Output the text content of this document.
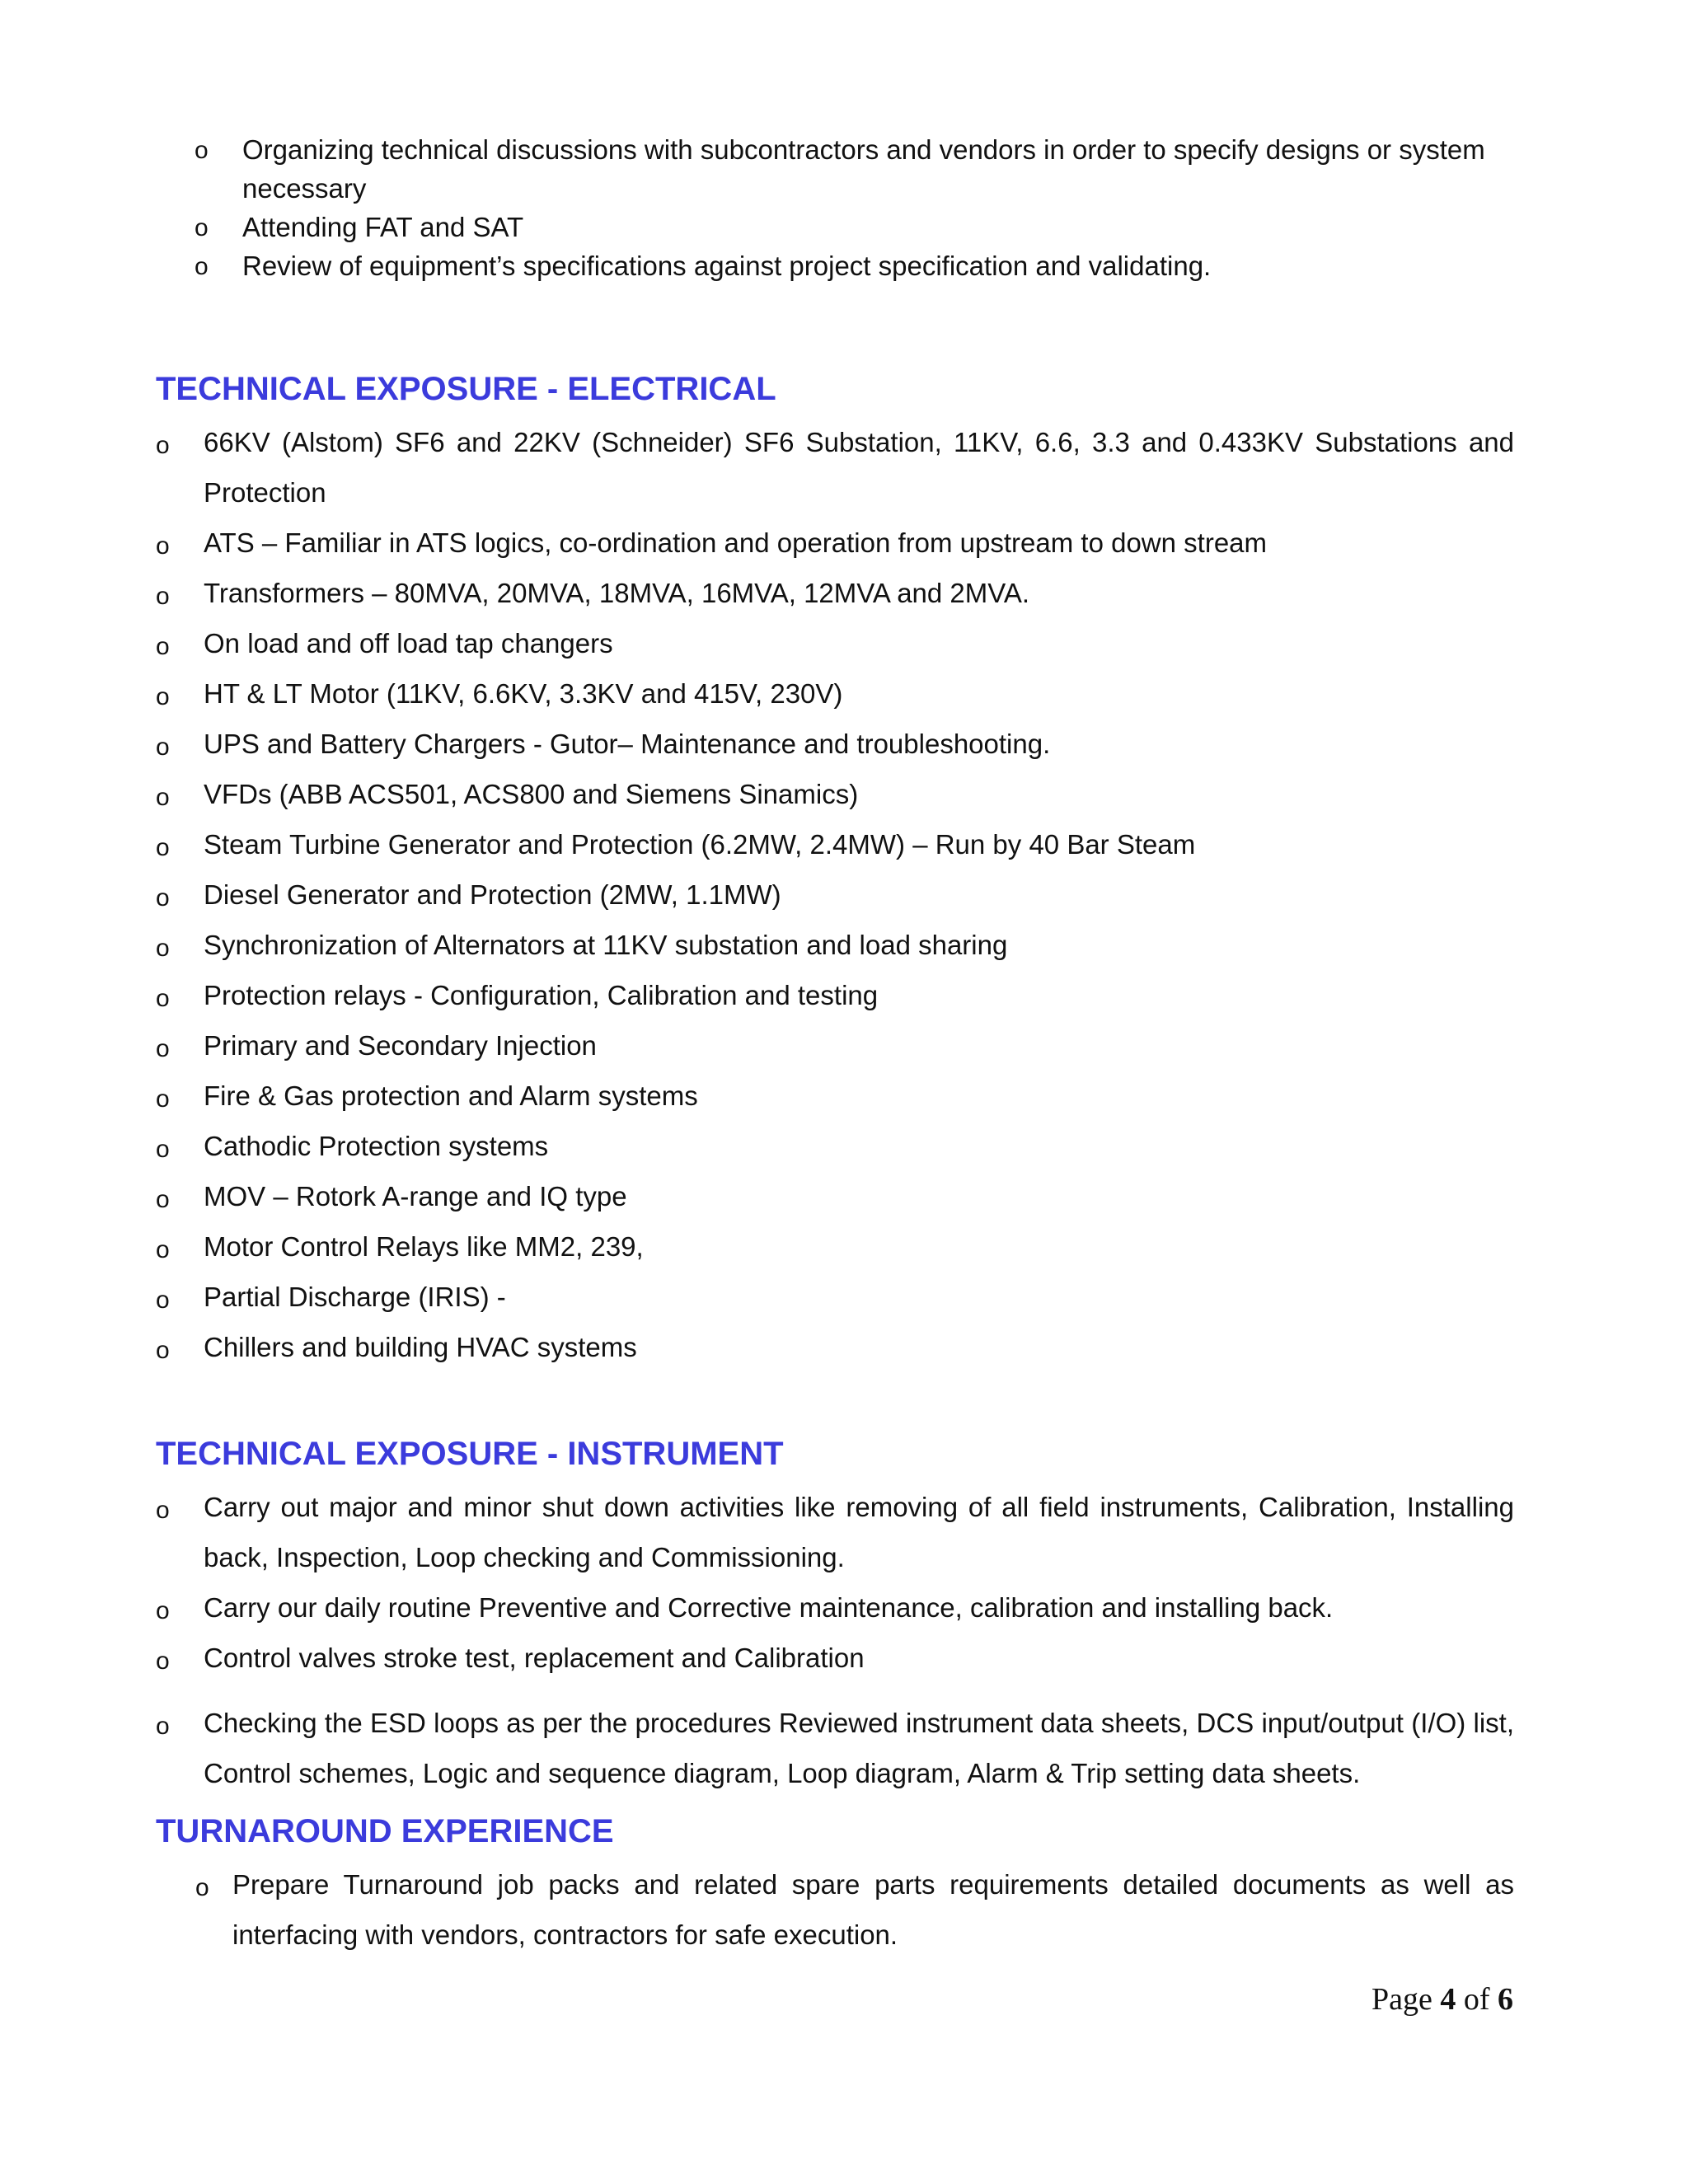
o Organizing technical discussions with subcontractors and vendors in order to specify designs or system necessary
o Attending FAT and SAT
o Review of equipment’s specifications against project specification and validating.
TECHNICAL EXPOSURE - ELECTRICAL
o 66KV (Alstom) SF6 and 22KV (Schneider) SF6 Substation, 11KV, 6.6, 3.3 and 0.433KV Substations and Protection
o ATS – Familiar in ATS logics, co-ordination and operation from upstream to down stream
o Transformers – 80MVA, 20MVA, 18MVA, 16MVA, 12MVA and 2MVA.
o On load and off load tap changers
o HT & LT Motor (11KV, 6.6KV, 3.3KV and 415V, 230V)
o UPS and Battery Chargers - Gutor– Maintenance and troubleshooting.
o VFDs (ABB ACS501, ACS800 and Siemens Sinamics)
o Steam Turbine Generator and Protection (6.2MW, 2.4MW) – Run by 40 Bar Steam
o Diesel Generator and Protection (2MW, 1.1MW)
o Synchronization of Alternators at 11KV substation and load sharing
o Protection relays - Configuration, Calibration and testing
o Primary and Secondary Injection
o Fire & Gas protection and Alarm systems
o Cathodic Protection systems
o MOV – Rotork A-range and IQ type
o Motor Control Relays like MM2, 239,
o Partial Discharge (IRIS) -
o Chillers and building HVAC systems
TECHNICAL EXPOSURE - INSTRUMENT
o Carry out major and minor shut down activities like removing of all field instruments, Calibration, Installing back, Inspection, Loop checking and Commissioning.
o Carry our daily routine Preventive and Corrective maintenance, calibration and installing back.
o Control valves stroke test, replacement and Calibration
o Checking the ESD loops as per the procedures Reviewed instrument data sheets, DCS input/output (I/O) list, Control schemes, Logic and sequence diagram, Loop diagram, Alarm & Trip setting data sheets.
TURNAROUND EXPERIENCE
o Prepare Turnaround job packs and related spare parts requirements detailed documents as well as interfacing with vendors, contractors for safe execution.
Page 4 of 6
